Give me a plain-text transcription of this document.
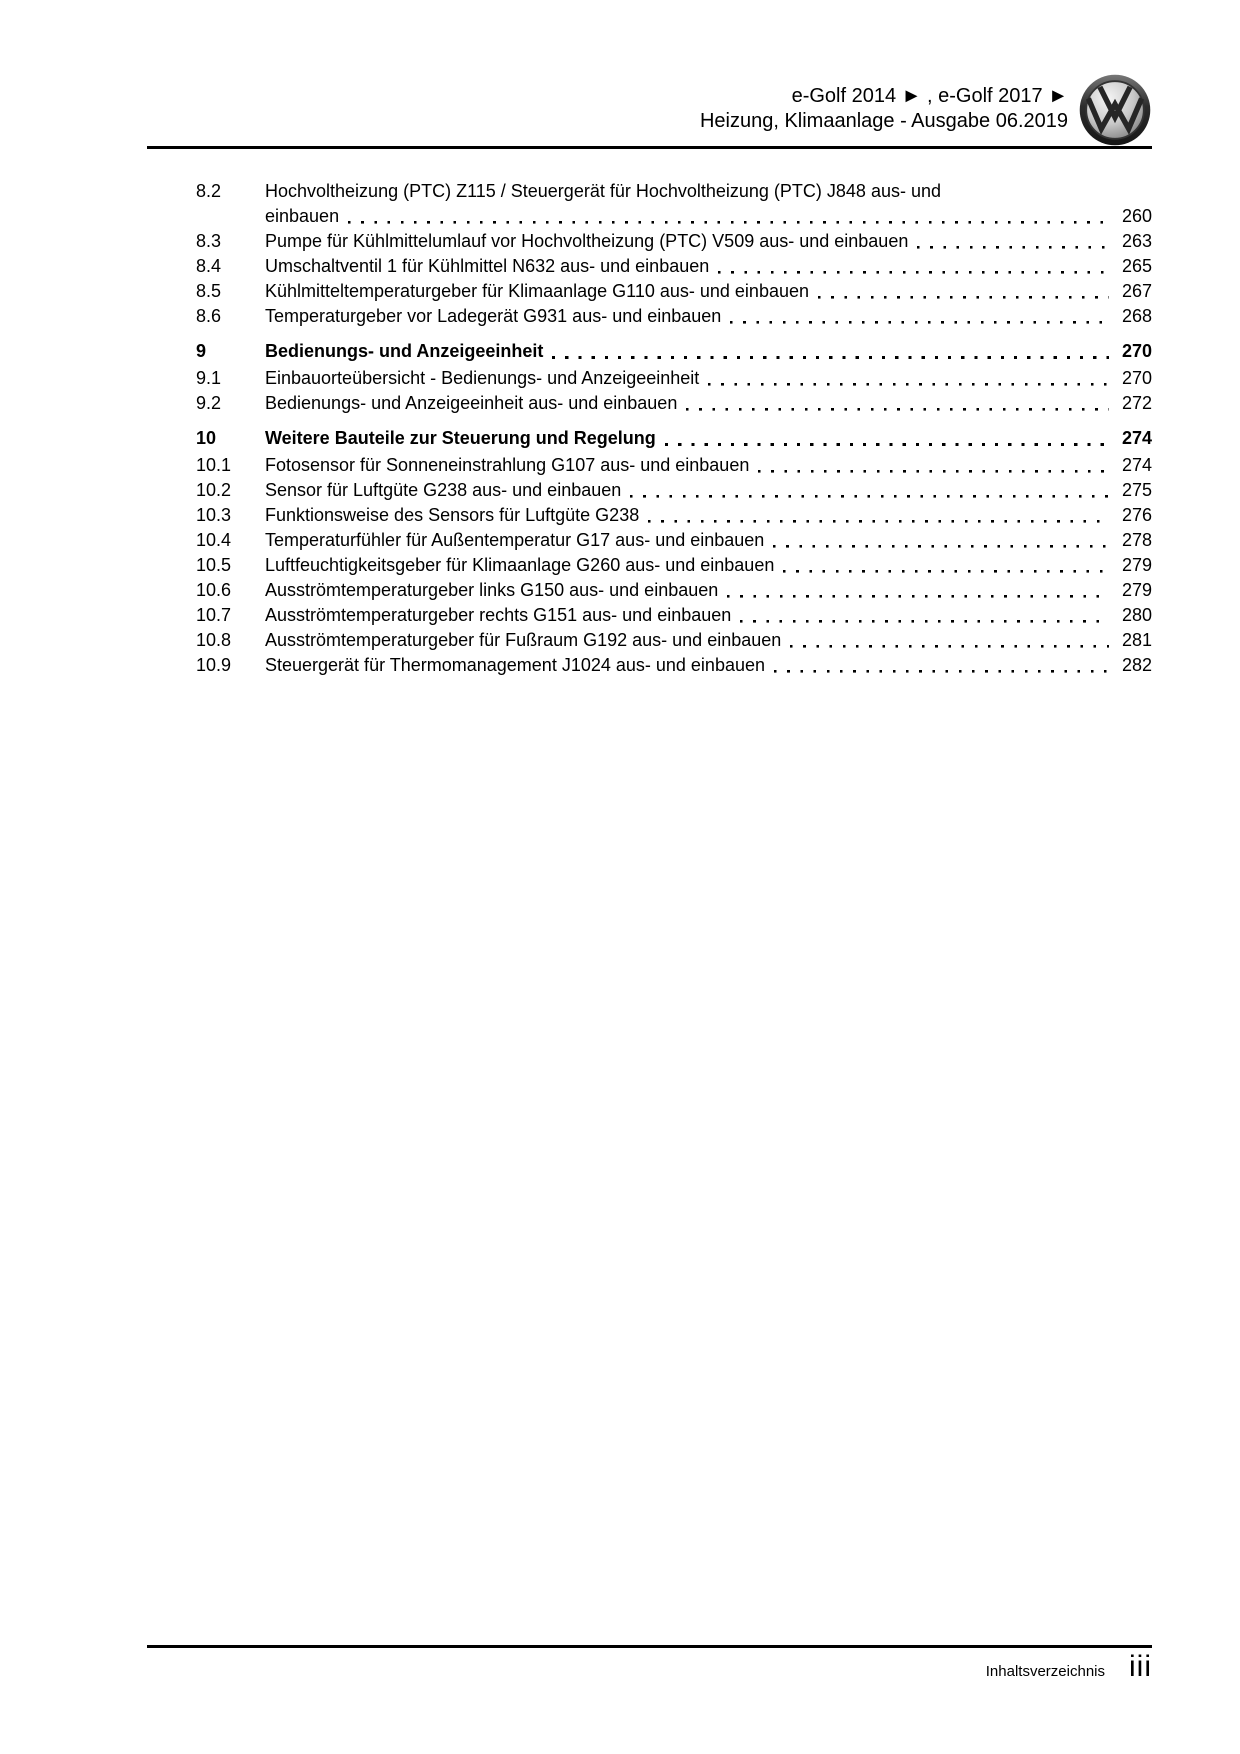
e-Golf 2014 ► , e-Golf 2017 ►
Heizung, Klimaanlage - Ausgabe 06.2019
8.2	Hochvoltheizung (PTC) Z115 / Steuergerät für Hochvoltheizung (PTC) J848 aus- und
einbauen	260
8.3	Pumpe für Kühlmittelumlauf vor Hochvoltheizung (PTC) V509 aus- und einbauen	263
8.4	Umschaltventil 1 für Kühlmittel N632 aus- und einbauen	265
8.5	Kühlmitteltemperaturgeber für Klimaanlage G110 aus- und einbauen	267
8.6	Temperaturgeber vor Ladegerät G931 aus- und einbauen	268
9	Bedienungs- und Anzeigeeinheit	270
9.1	Einbauorteübersicht - Bedienungs- und Anzeigeeinheit	270
9.2	Bedienungs- und Anzeigeeinheit aus- und einbauen	272
10	Weitere Bauteile zur Steuerung und Regelung	274
10.1	Fotosensor für Sonneneinstrahlung G107 aus- und einbauen	274
10.2	Sensor für Luftgüte G238 aus- und einbauen	275
10.3	Funktionsweise des Sensors für Luftgüte G238	276
10.4	Temperaturfühler für Außentemperatur G17 aus- und einbauen	278
10.5	Luftfeuchtigkeitsgeber für Klimaanlage G260 aus- und einbauen	279
10.6	Ausströmtemperaturgeber links G150 aus- und einbauen	279
10.7	Ausströmtemperaturgeber rechts G151 aus- und einbauen	280
10.8	Ausströmtemperaturgeber für Fußraum G192 aus- und einbauen	281
10.9	Steuergerät für Thermomanagement J1024 aus- und einbauen	282
Inhaltsverzeichnis iii
